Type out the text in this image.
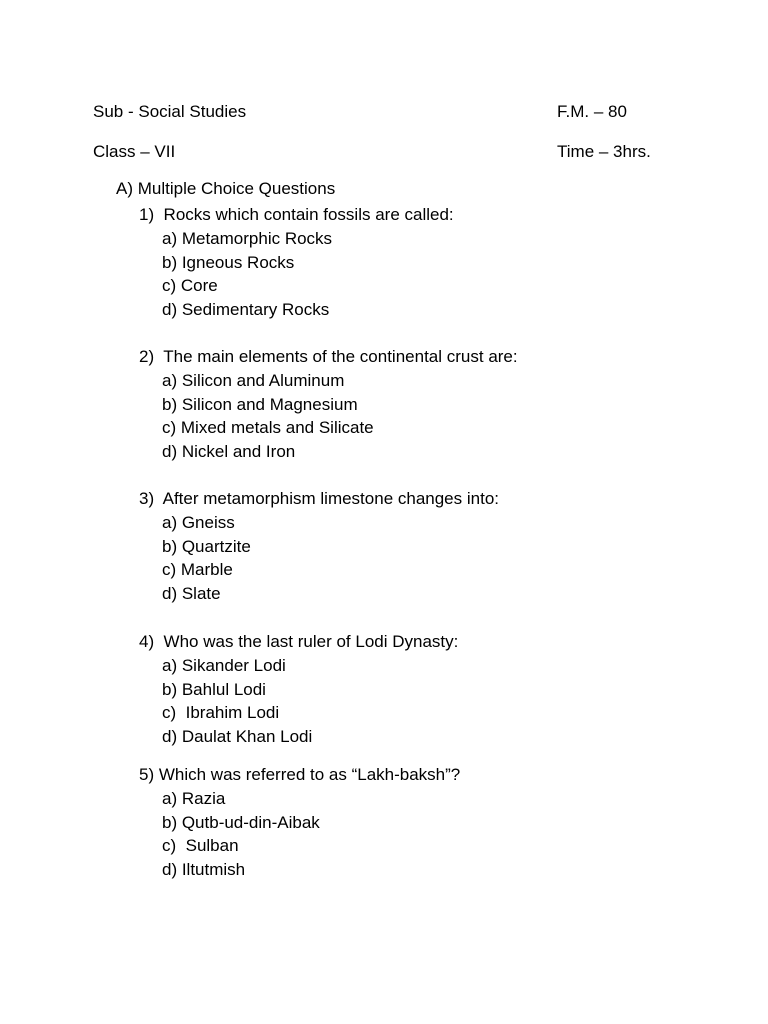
Sub - Social Studies	F.M. – 80
Class – VII	Time – 3hrs.
A) Multiple Choice Questions
1)  Rocks which contain fossils are called:
a) Metamorphic Rocks
b) Igneous Rocks
c) Core
d) Sedimentary Rocks
2)  The main elements of the continental crust are:
a) Silicon and Aluminum
b) Silicon and Magnesium
c) Mixed metals and Silicate
d) Nickel and Iron
3)  After metamorphism limestone changes into:
a) Gneiss
b) Quartzite
c) Marble
d) Slate
4)  Who was the last ruler of Lodi Dynasty:
a) Sikander Lodi
b) Bahlul Lodi
c)  Ibrahim Lodi
d) Daulat Khan Lodi
5) Which was referred to as “Lakh-baksh”?
a) Razia
b) Qutb-ud-din-Aibak
c)  Sulban
d) Iltutmish
